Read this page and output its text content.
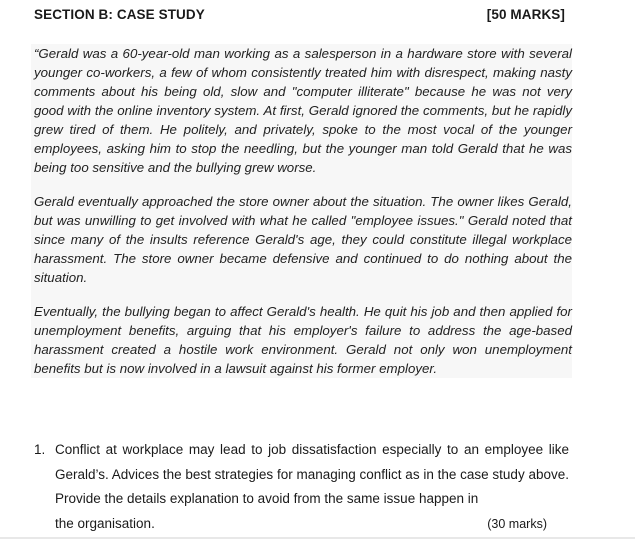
SECTION B: CASE STUDY	[50 MARKS]

“Gerald was a 60-year-old man working as a salesperson in a hardware store with several younger co-workers, a few of whom consistently treated him with disrespect, making nasty comments about his being old, slow and "computer illiterate" because he was not very good with the online inventory system. At first, Gerald ignored the comments, but he rapidly grew tired of them. He politely, and privately, spoke to the most vocal of the younger employees, asking him to stop the needling, but the younger man told Gerald that he was being too sensitive and the bullying grew worse.

Gerald eventually approached the store owner about the situation. The owner likes Gerald, but was unwilling to get involved with what he called "employee issues." Gerald noted that since many of the insults reference Gerald's age, they could constitute illegal workplace harassment. The store owner became defensive and continued to do nothing about the situation.

Eventually, the bullying began to affect Gerald's health. He quit his job and then applied for unemployment benefits, arguing that his employer's failure to address the age-based harassment created a hostile work environment. Gerald not only won unemployment benefits but is now involved in a lawsuit against his former employer.

1. Conflict at workplace may lead to job dissatisfaction especially to an employee like Gerald’s. Advices the best strategies for managing conflict as in the case study above. Provide the details explanation to avoid from the same issue happen in
the organisation.	(30 marks)
